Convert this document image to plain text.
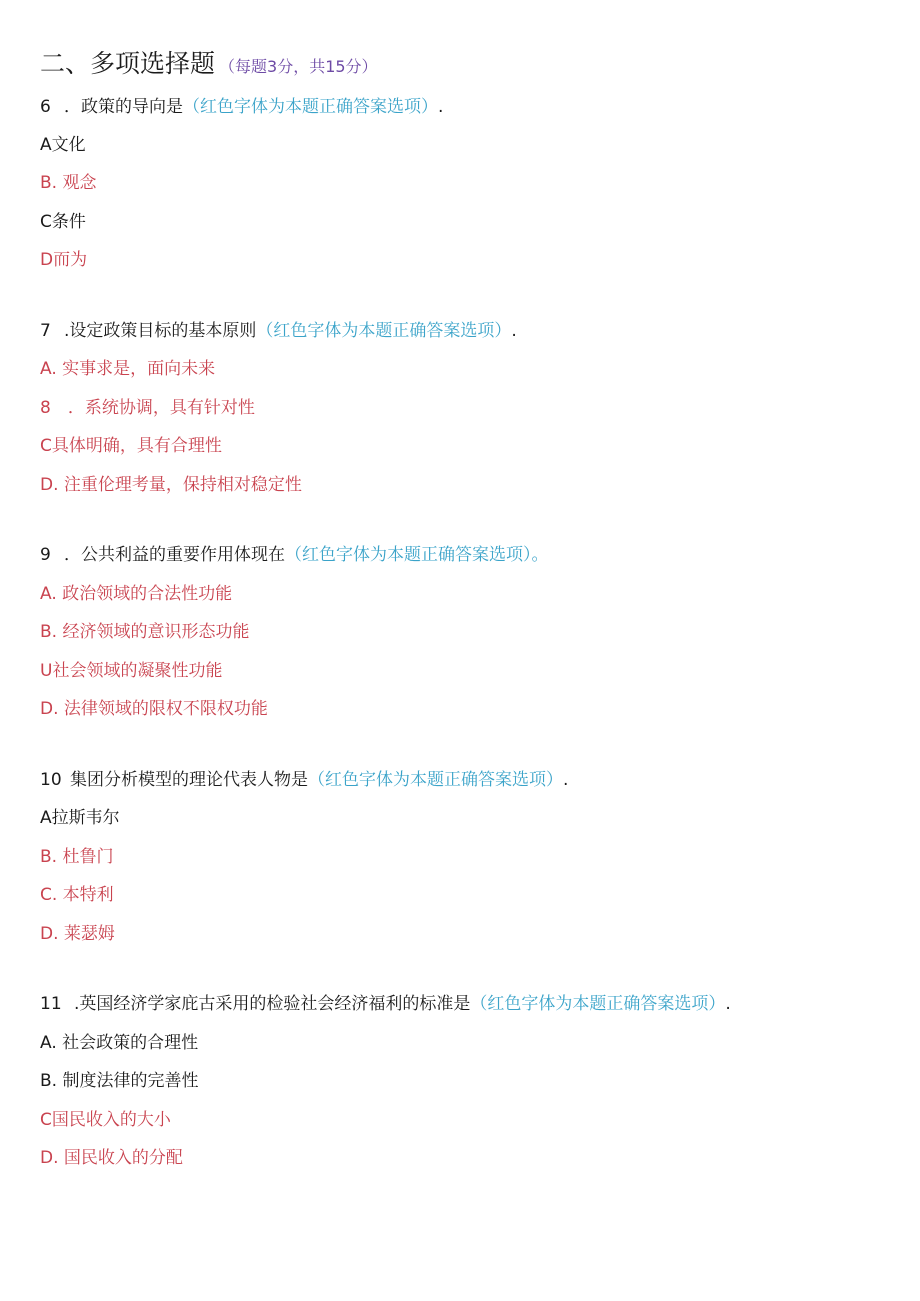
二、多项选择题 （每题3分，共15分）
6 ．政策的导向是（红色字体为本题正确答案选项）.
A文化
B. 观念
C条件
D而为
7 .设定政策目标的基本原则（红色字体为本题正确答案选项）.
A. 实事求是，面向未来
8　．系统协调，具有针对性
C具体明确，具有合理性
D. 注重伦理考量，保持相对稳定性
9 ．公共利益的重要作用体现在（红色字体为本题正确答案选项）。
A. 政治领域的合法性功能
B. 经济领域的意识形态功能
U社会领域的凝聚性功能
D. 法律领域的限权不限权功能
10 集团分析模型的理论代表人物是（红色字体为本题正确答案选项）.
A拉斯韦尔
B. 杜鲁门
C. 本特利
D. 莱瑟姆
11 .英国经济学家庇古采用的检验社会经济福利的标准是（红色字体为本题正确答案选项）.
A. 社会政策的合理性
B. 制度法律的完善性
C国民收入的大小
D. 国民收入的分配
